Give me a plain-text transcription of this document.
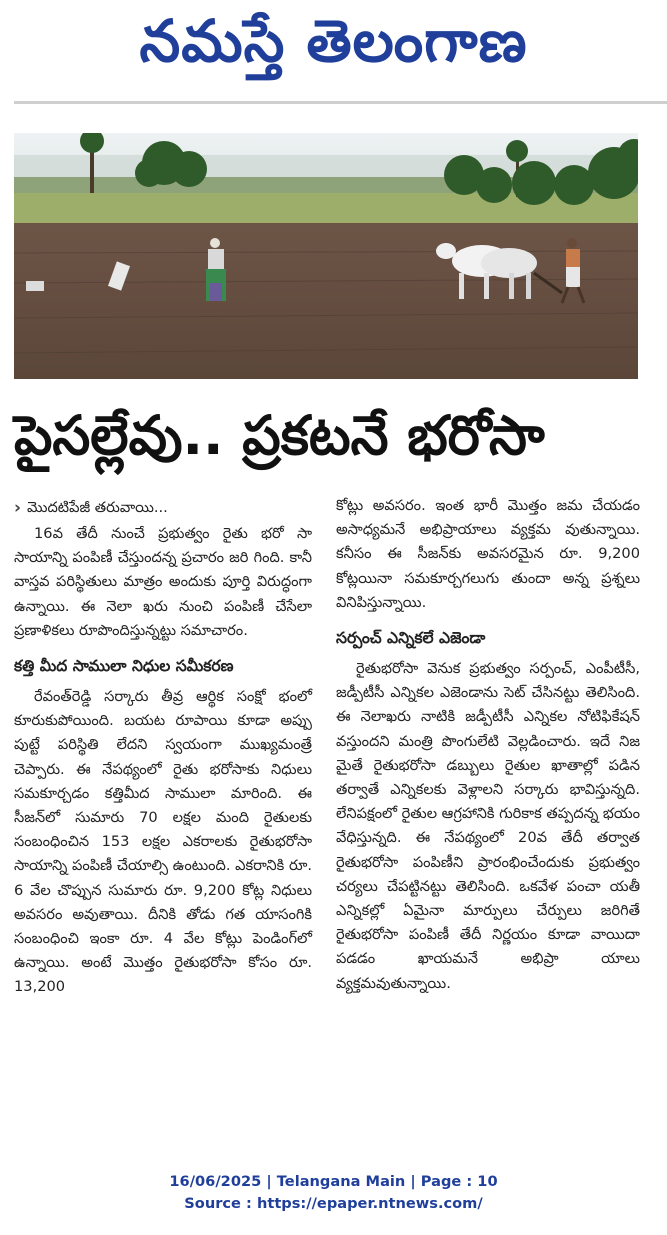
నమస్తే తెలంగాణ
పైసల్లేవు.. ప్రకటనే భరోసా
› మొదటిపేజీ తరువాయి...

16వ తేదీ నుంచే ప్రభుత్వం రైతు భరో సా సాయాన్ని పంపిణీ చేస్తుందన్న ప్రచారం జరి గింది. కానీ వాస్తవ పరిస్థితులు మాత్రం అందుకు పూర్తి విరుద్ధంగా ఉన్నాయి. ఈ నెలా ఖరు నుంచి పంపిణీ చేసేలా ప్రణాళికలు రూపొందిస్తున్నట్టు సమాచారం.

కత్తి మీద సాములా నిధుల సమీకరణ

రేవంత్‌రెడ్డి సర్కారు తీవ్ర ఆర్థిక సంక్షో భంలో కూరుకుపోయింది. బయట రూపాయి కూడా అప్పు పుట్టే పరిస్థితి లేదని స్వయంగా ముఖ్యమంత్రే చెప్పారు. ఈ నేపథ్యంలో రైతు భరోసాకు నిధులు సమకూర్చడం కత్తిమీద సాములా మారింది. ఈ సీజన్‌లో సుమారు 70 లక్షల మంది రైతులకు సంబంధించిన 153 లక్షల ఎకరాలకు రైతుభరోసా సాయాన్ని పంపిణీ చేయాల్సి ఉంటుంది. ఎకరానికి రూ. 6 వేల చొప్పున సుమారు రూ. 9,200 కోట్ల నిధులు అవసరం అవుతాయి. దీనికి తోడు గత యాసంగికి సంబంధించి ఇంకా రూ. 4 వేల కోట్లు పెండింగ్‌లో ఉన్నాయి. అంటే మొత్తం రైతుభరోసా కోసం రూ. 13,200

కోట్లు అవసరం. ఇంత భారీ మొత్తం జమ చేయడం అసాధ్యమనే అభిప్రాయాలు వ్యక్తమ వుతున్నాయి. కనీసం ఈ సీజన్‌కు అవసరమైన రూ. 9,200 కోట్లయినా సమకూర్చగలుగు తుందా అన్న ప్రశ్నలు వినిపిస్తున్నాయి.

సర్పంచ్ ఎన్నికలే ఎజెండా

రైతుభరోసా వెనుక ప్రభుత్వం సర్పంచ్, ఎంపీటీసీ, జడ్పీటీసీ ఎన్నికల ఎజెండాను సెట్ చేసినట్టు తెలిసింది. ఈ నెలాఖరు నాటికి జడ్పీటీసీ ఎన్నికల నోటిఫికేషన్ వస్తుందని మంత్రి పొంగులేటి వెల్లడించారు. ఇదే నిజ మైతే రైతుభరోసా డబ్బులు రైతుల ఖాతాల్లో పడిన తర్వాతే ఎన్నికలకు వెళ్లాలని సర్కారు భావిస్తున్నది. లేనిపక్షంలో రైతుల ఆగ్రహానికి గురికాక తప్పదన్న భయం వేధిస్తున్నది. ఈ నేపథ్యంలో 20వ తేదీ తర్వాత రైతుభరోసా పంపిణీని ప్రారంభించేందుకు ప్రభుత్వం చర్యలు చేపట్టినట్టు తెలిసింది. ఒకవేళ పంచా యతీ ఎన్నికల్లో ఏమైనా మార్పులు చేర్పులు జరిగితే రైతుభరోసా పంపిణీ తేదీ నిర్ణయం కూడా వాయిదా పడడం ఖాయమనే అభిప్రా యాలు వ్యక్తమవుతున్నాయి.

16/06/2025 | Telangana Main | Page : 10
Source : https://epaper.ntnews.com/
